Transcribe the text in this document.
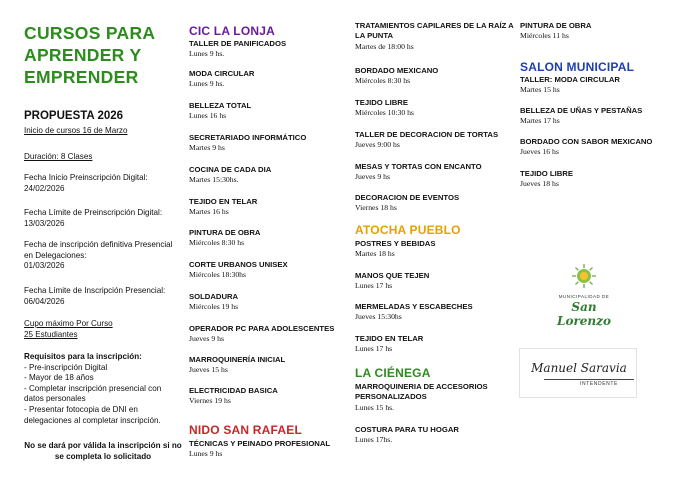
CURSOS PARA
APRENDER Y
EMPRENDER
PROPUESTA 2026
Inicio de cursos 16 de Marzo
Duración: 8 Clases
Fecha Inicio Preinscripción Digital:
24/02/2026
Fecha Límite de Preinscripción Digital:
13/03/2026
Fecha de inscripción definitiva Presencial en Delegaciones:
01/03/2026
Fecha Límite de Inscripción Presencial:
06/04/2026
Cupo máximo Por Curso
25 Estudiantes
Requisitos para la inscripción:
- Pre-inscripción Digital
- Mayor de 18 años
- Completar inscripción presencial con datos personales
- Presentar fotocopia de DNI en delegaciones al completar inscripción.
No se dará por válida la inscripción si no se completa lo solicitado
CIC LA LONJA
TALLER DE PANIFICADOS
Lunes 9 hs.
MODA CIRCULAR
Lunes 9 hs.
BELLEZA TOTAL
Lunes 16 hs
SECRETARIADO INFORMÁTICO
Martes 9 hs
COCINA DE CADA DIA
Martes 15:30hs.
TEJIDO EN TELAR
Martes 16 hs
PINTURA DE OBRA
Miércoles 8:30 hs
CORTE URBANOS UNISEX
Miércoles 18:30hs
SOLDADURA
Miércoles 19 hs
OPERADOR PC PARA ADOLESCENTES
Jueves 9 hs
MARROQUINERÍA INICIAL
Jueves 15 hs
ELECTRICIDAD BASICA
Viernes 19 hs
NIDO SAN RAFAEL
TÉCNICAS Y PEINADO PROFESIONAL
Lunes 9 hs
TRATAMIENTOS CAPILARES DE LA RAÍZ A LA PUNTA
Martes de 18:00 hs
BORDADO MEXICANO
Miércoles 8:30 hs
TEJIDO LIBRE
Miércoles 10:30 hs
TALLER DE DECORACION DE TORTAS
Jueves 9:00 hs
MESAS Y TORTAS CON ENCANTO
Jueves 9 hs
DECORACION DE EVENTOS
Viernes 18 hs
ATOCHA PUEBLO
POSTRES Y BEBIDAS
Martes 18 hs
MANOS QUE TEJEN
Lunes 17 hs
MERMELADAS Y ESCABECHES
Jueves 15:30hs
TEJIDO EN TELAR
Lunes 17 hs
LA CIÉNEGA
MARROQUINERIA DE ACCESORIOS PERSONALIZADOS
Lunes 15 hs.
COSTURA PARA TU HOGAR
Lunes 17hs.
PINTURA DE OBRA
Miércoles 11 hs
SALON MUNICIPAL
TALLER: MODA CIRCULAR
Martes 15 hs
BELLEZA DE UÑAS Y PESTAÑAS
Martes 17 hs
BORDADO CON SABOR MEXICANO
Jueves 16 hs
TEJIDO LIBRE
Jueves 18 hs
MUNICIPALIDAD DE
San Lorenzo
Manuel Saravia
INTENDENTE
